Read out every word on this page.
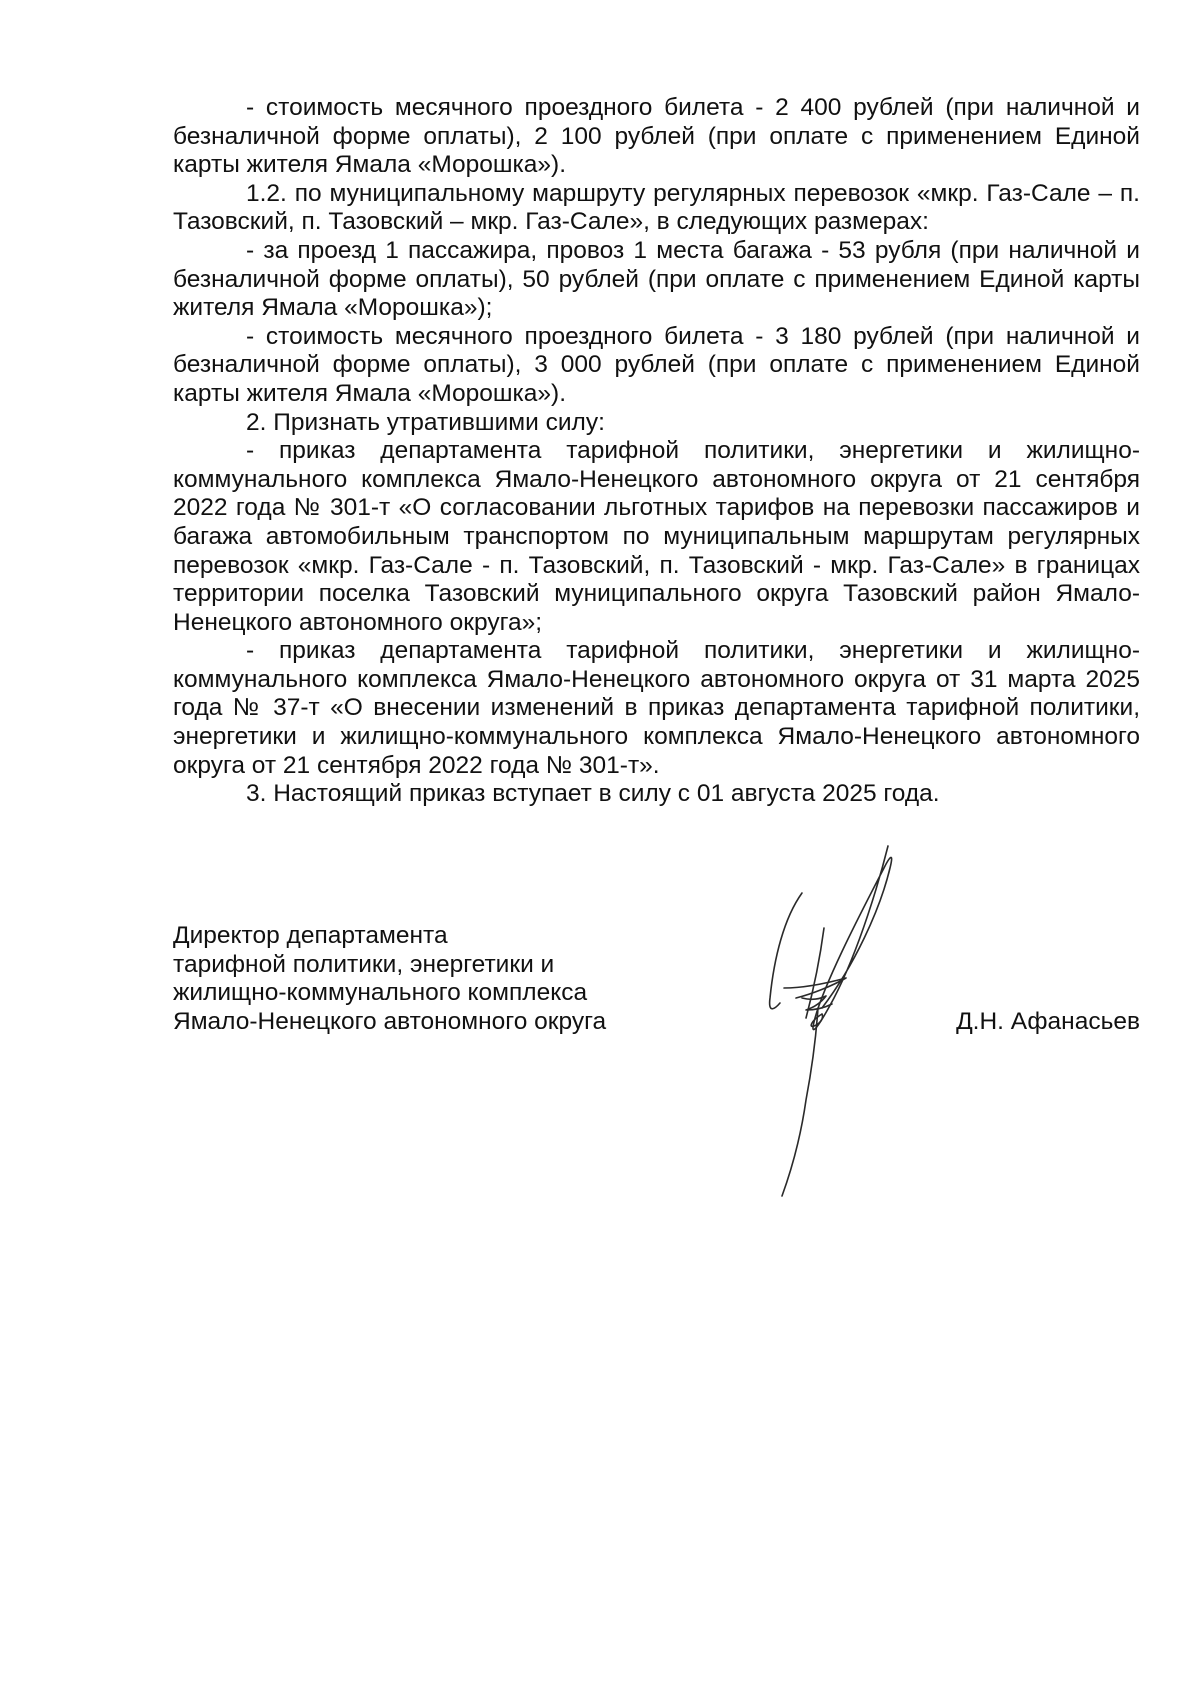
- стоимость месячного проездного билета - 2 400 рублей (при наличной и безналичной форме оплаты), 2 100 рублей (при оплате с применением Единой карты жителя Ямала «Морошка»).

1.2. по муниципальному маршруту регулярных перевозок «мкр. Газ-Сале – п. Тазовский, п. Тазовский – мкр. Газ-Сале», в следующих размерах:

- за проезд 1 пассажира, провоз 1 места багажа - 53 рубля (при наличной и безналичной форме оплаты), 50 рублей (при оплате с применением Единой карты жителя Ямала «Морошка»);

- стоимость месячного проездного билета - 3 180 рублей (при наличной и безналичной форме оплаты), 3 000 рублей (при оплате с применением Единой карты жителя Ямала «Морошка»).

2. Признать утратившими силу:

- приказ департамента тарифной политики, энергетики и жилищно-коммунального комплекса Ямало-Ненецкого автономного округа от 21 сентября 2022 года № 301-т «О согласовании льготных тарифов на перевозки пассажиров и багажа автомобильным транспортом по муниципальным маршрутам регулярных перевозок «мкр. Газ-Сале - п. Тазовский, п. Тазовский - мкр. Газ-Сале» в границах территории поселка Тазовский муниципального округа Тазовский район Ямало-Ненецкого автономного округа»;

- приказ департамента тарифной политики, энергетики и жилищно-коммунального комплекса Ямало-Ненецкого автономного округа от 31 марта 2025 года № 37-т «О внесении изменений в приказ департамента тарифной политики, энергетики и жилищно-коммунального комплекса Ямало-Ненецкого автономного округа от 21 сентября 2022 года № 301-т».

3. Настоящий приказ вступает в силу с 01 августа 2025 года.

Директор департамента
тарифной политики, энергетики и
жилищно-коммунального комплекса
Ямало-Ненецкого автономного округа	Д.Н. Афанасьев
